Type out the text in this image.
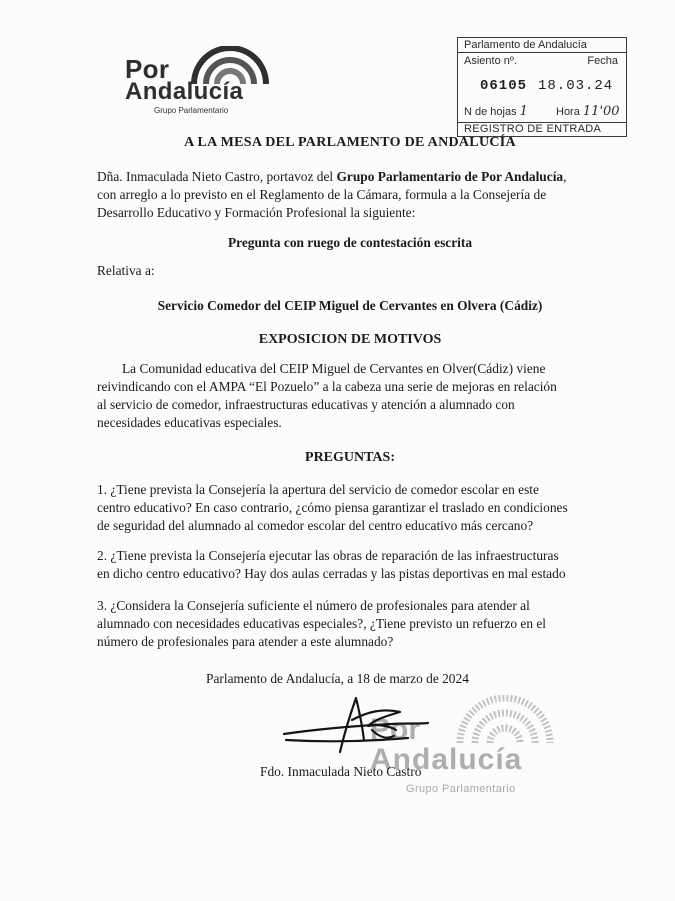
Por
Andalucía
Grupo Parlamentario
Parlamento de Andalucía
Asiento nº.	Fecha
06105 18.03.24
N de hojas 1	Hora 11'00
REGISTRO DE ENTRADA
A LA MESA DEL PARLAMENTO DE ANDALUCÍA
Dña. Inmaculada Nieto Castro, portavoz del Grupo Parlamentario de Por Andalucía,
con arreglo a lo previsto en el Reglamento de la Cámara, formula a la Consejería de
Desarrollo Educativo y Formación Profesional la siguiente:
Pregunta con ruego de contestación escrita
Relativa a:
Servicio Comedor del CEIP Miguel de Cervantes en Olvera (Cádiz)
EXPOSICION DE MOTIVOS
La Comunidad educativa del CEIP Miguel de Cervantes en Olver(Cádiz) viene
reivindicando con el AMPA “El Pozuelo” a la cabeza una serie de mejoras en relación
al servicio de comedor, infraestructuras educativas y atención a alumnado con
necesidades educativas especiales.
PREGUNTAS:
1. ¿Tiene prevista la Consejería la apertura del servicio de comedor escolar en este
centro educativo? En caso contrario, ¿cómo piensa garantizar el traslado en condiciones
de seguridad del alumnado al comedor escolar del centro educativo más cercano?
2. ¿Tiene prevista la Consejería ejecutar las obras de reparación de las infraestructuras
en dicho centro educativo? Hay dos aulas cerradas y las pistas deportivas en mal estado
3. ¿Considera la Consejería suficiente el número de profesionales para atender al
alumnado con necesidades educativas especiales?, ¿Tiene previsto un refuerzo en el
número de profesionales para atender a este alumnado?
Parlamento de Andalucía, a 18 de marzo de 2024
Por
Andalucía
Grupo Parlamentario
Fdo. Inmaculada Nieto Castro
